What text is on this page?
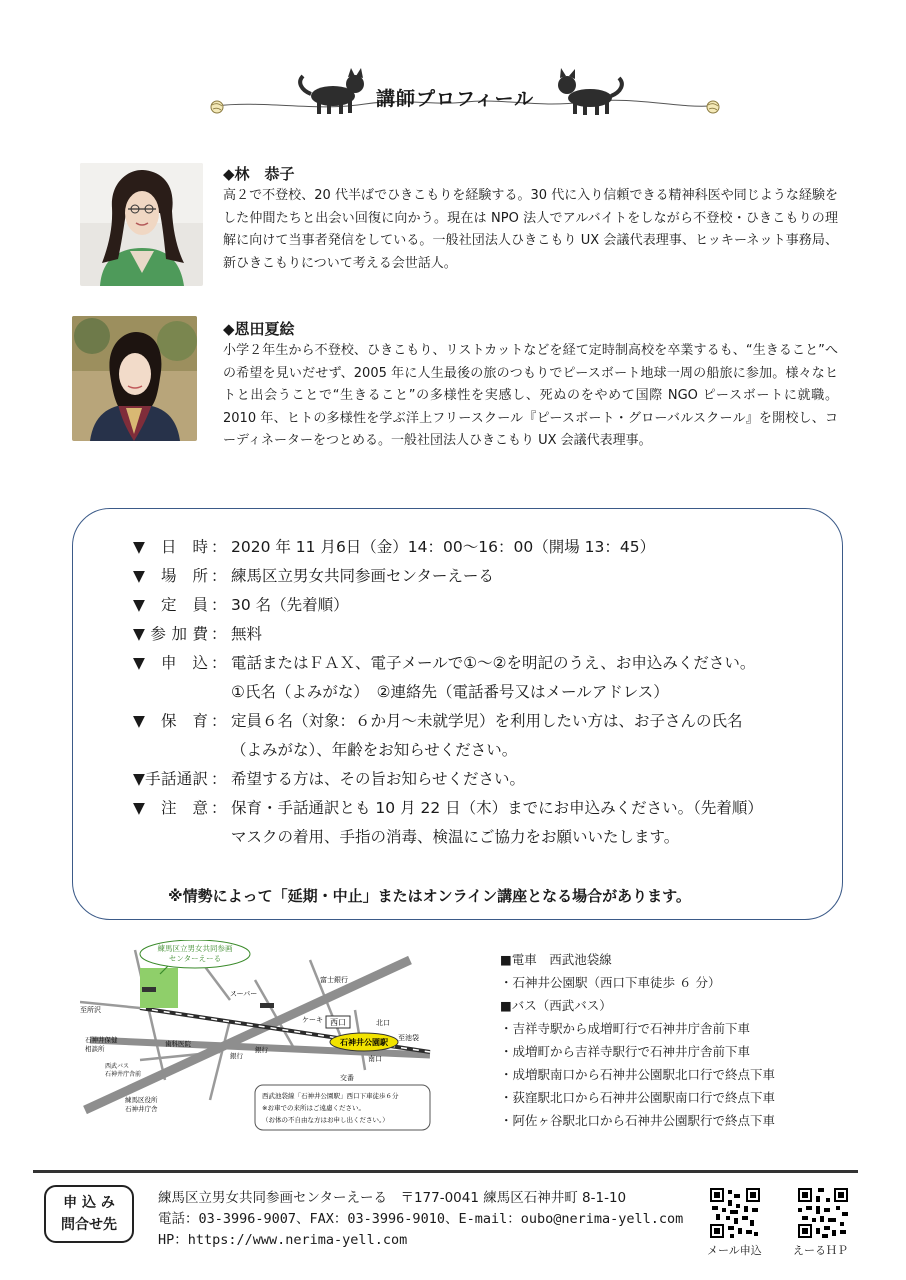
講師プロフィール
◆林　恭子
高２で不登校、20 代半ばでひきこもりを経験する。30 代に入り信頼できる精神科医や同じような経験をした仲間たちと出会い回復に向かう。現在は NPO 法人でアルバイトをしながら不登校・ひきこもりの理解に向けて当事者発信をしている。一般社団法人ひきこもり UX 会議代表理事、ヒッキーネット事務局、新ひきこもりについて考える会世話人。
◆恩田夏絵
小学２年生から不登校、ひきこもり、リストカットなどを経て定時制高校を卒業するも、“生きること”への希望を見いだせず、2005 年に人生最後の旅のつもりでピースボート地球一周の船旅に参加。様々なヒトと出会うことで“生きること”の多様性を実感し、死ぬのをやめて国際 NGO ピースボートに就職。2010 年、ヒトの多様性を学ぶ洋上フリースクール『ピースボート・グローバルスクール』を開校し、コーディネーターをつとめる。一般社団法人ひきこもり UX 会議代表理事。
▼ 日 時 ： 2020 年 11 月6日（金）14：00～16：00（開場 13：45）
▼ 場 所 ： 練馬区立男女共同参画センターえーる
▼ 定 員 ： 30 名（先着順）
▼ 参 加 費 ： 無料
▼ 申 込 ： 電話またはＦＡＸ、電子メールで①～②を明記のうえ、お申込みください。
①氏名（よみがな）　②連絡先（電話番号又はメールアドレス）
▼ 保 育 ： 定員６名（対象：６か月～未就学児）を利用したい方は、お子さんの氏名
（よみがな）、年齢をお知らせください。
▼ 手 話 通 訳 ： 希望する方は、その旨お知らせください。
▼ 注 意 ： 保育・手話通訳とも 10 月 22 日（木）までにお申込みください。（先着順）
マスクの着用、手指の消毒、検温にご協力をお願いいたします。
※情勢によって「延期・中止」またはオンライン講座となる場合があります。
練馬区立男女共同参画
センターえーる
石神井公園駅
西口	北口
南口
交番
至所沢
至池袋
富士銀行
スーパー
ケーキ
歯科医院
銀行
銀行
石神井保健
相談所
西武バス
石神井庁舎前
練馬区役所
石神井庁舎
西武池袋線「石神井公園駅」西口下車徒歩６分
※お車での来所はご遠慮ください。
（お体の不自由な方はお申し出ください。）
■電車　西武池袋線
・石神井公園駅（西口下車徒歩 ６ 分）
■バス（西武バス）
・吉祥寺駅から成増町行で石神井庁舎前下車
・成増町から吉祥寺駅行で石神井庁舎前下車
・成増駅南口から石神井公園駅北口行で終点下車
・荻窪駅北口から石神井公園駅南口行で終点下車
・阿佐ヶ谷駅北口から石神井公園駅行で終点下車
申 込 み
問合せ先
練馬区立男女共同参画センターえーる　〒177-0041 練馬区石神井町 8-1-10
電話：03-3996-9007、FAX：03-3996-9010、E-mail：oubo@nerima-yell.com
HP：https://www.nerima-yell.com
メール申込	えーるＨＰ
